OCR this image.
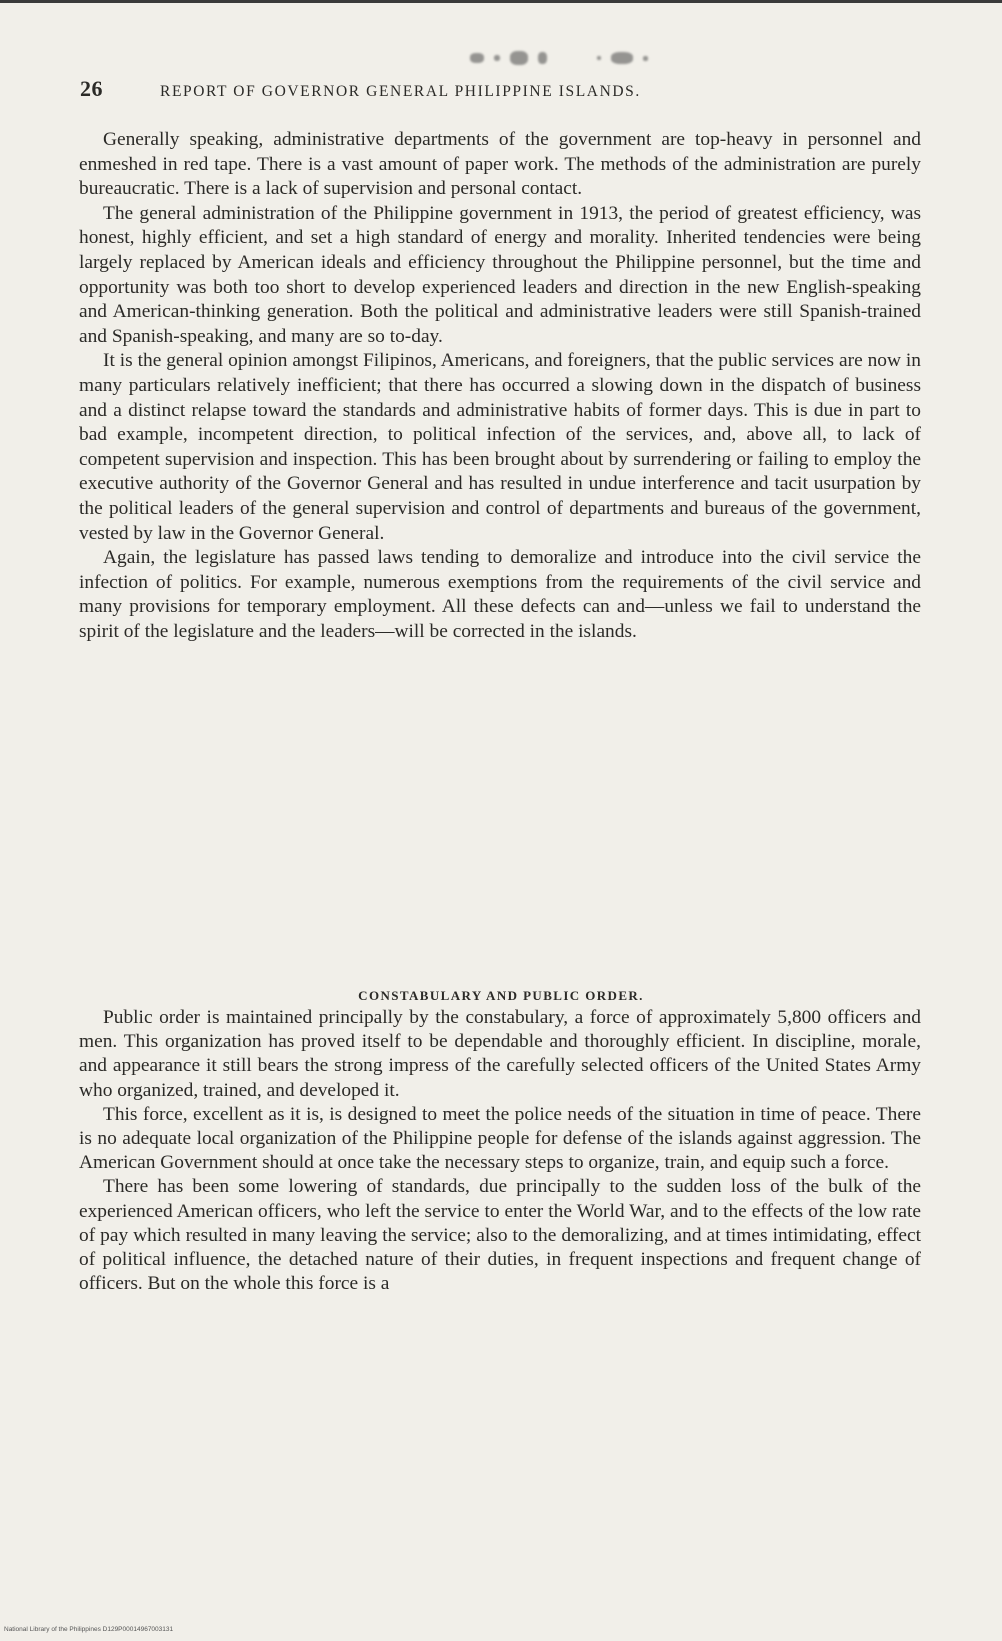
26	REPORT OF GOVERNOR GENERAL PHILIPPINE ISLANDS.

Generally speaking, administrative departments of the government are top-heavy in personnel and enmeshed in red tape. There is a vast amount of paper work. The methods of the administration are purely bureaucratic. There is a lack of supervision and personal contact.

The general administration of the Philippine government in 1913, the period of greatest efficiency, was honest, highly efficient, and set a high standard of energy and morality. Inherited tendencies were being largely replaced by American ideals and efficiency throughout the Philippine personnel, but the time and opportunity was both too short to develop experienced leaders and direction in the new English-speaking and American-thinking generation. Both the political and administrative leaders were still Spanish-trained and Spanish-speaking, and many are so to-day.

It is the general opinion amongst Filipinos, Americans, and foreigners, that the public services are now in many particulars relatively inefficient; that there has occurred a slowing down in the dispatch of business and a distinct relapse toward the standards and administrative habits of former days. This is due in part to bad example, incompetent direction, to political infection of the services, and, above all, to lack of competent supervision and inspection. This has been brought about by surrendering or failing to employ the executive authority of the Governor General and has resulted in undue interference and tacit usurpation by the political leaders of the general supervision and control of departments and bureaus of the government, vested by law in the Governor General.

Again, the legislature has passed laws tending to demoralize and introduce into the civil service the infection of politics. For example, numerous exemptions from the requirements of the civil service and many provisions for temporary employment. All these defects can and—unless we fail to understand the spirit of the legislature and the leaders—will be corrected in the islands.

CONSTABULARY AND PUBLIC ORDER.

Public order is maintained principally by the constabulary, a force of approximately 5,800 officers and men. This organization has proved itself to be dependable and thoroughly efficient. In discipline, morale, and appearance it still bears the strong impress of the carefully selected officers of the United States Army who organized, trained, and developed it.

This force, excellent as it is, is designed to meet the police needs of the situation in time of peace. There is no adequate local organization of the Philippine people for defense of the islands against aggression. The American Government should at once take the necessary steps to organize, train, and equip such a force.

There has been some lowering of standards, due principally to the sudden loss of the bulk of the experienced American officers, who left the service to enter the World War, and to the effects of the low rate of pay which resulted in many leaving the service; also to the demoralizing, and at times intimidating, effect of political influence, the detached nature of their duties, in frequent inspections and frequent change of officers. But on the whole this force is a

National Library of the Philippines D129P00014967003131
